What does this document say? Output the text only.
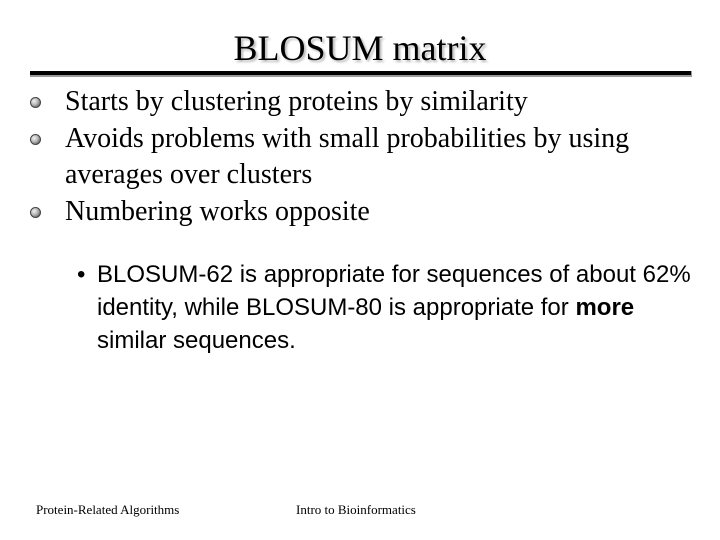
BLOSUM matrix
Starts by clustering proteins by similarity
Avoids problems with small probabilities by using averages over clusters
Numbering works opposite
• BLOSUM-62 is appropriate for sequences of about 62% identity, while BLOSUM-80 is appropriate for more similar sequences.
Protein-Related Algorithms	Intro to Bioinformatics
